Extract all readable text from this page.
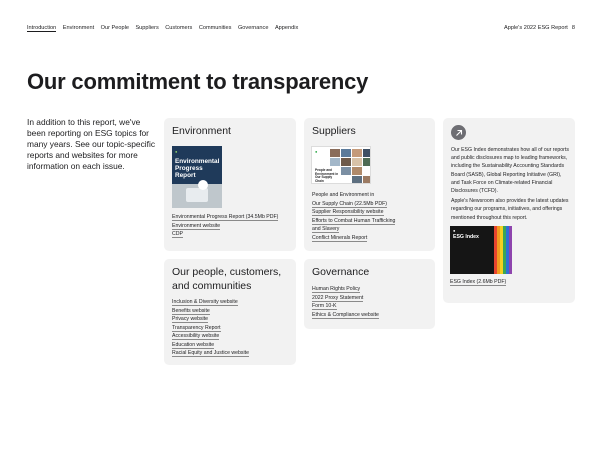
Introduction Environment Our People Suppliers Customers Communities Governance Appendix	Apple's 2022 ESG Report 8
Our commitment to transparency

In addition to this report, we've been reporting on ESG topics for many years. See our topic-specific reports and websites for more information on each issue.

Environment
Environmental Progress Report (34.5Mb PDF)
Environment website
CDP
●
Environmental Progress Report
Suppliers
People and Environment in
Our Supply Chain (22.5Mb PDF)
Supplier Responsibility website
Efforts to Combat Human Trafficking
and Slavery
Conflict Minerals Report
●
People and Environment in Our Supply Chain
Our people, customers,
and communities
Inclusion & Diversity website
Benefits website
Privacy website
Transparency Report
Accessibility website
Education website
Racial Equity and Justice website
Governance
Human Rights Policy
2022 Proxy Statement
Form 10-K
Ethics & Compliance website

Our ESG Index demonstrates how all of our reports and public disclosures map to leading frameworks, including the Sustainability Accounting Standards Board (SASB), Global Reporting Initiative (GRI), and Task Force on Climate-related Financial Disclosures (TCFD).

Apple's Newsroom also provides the latest updates regarding our programs, initiatives, and offerings mentioned throughout this report.

●
ESG Index
ESG Index (2.6Mb PDF)
